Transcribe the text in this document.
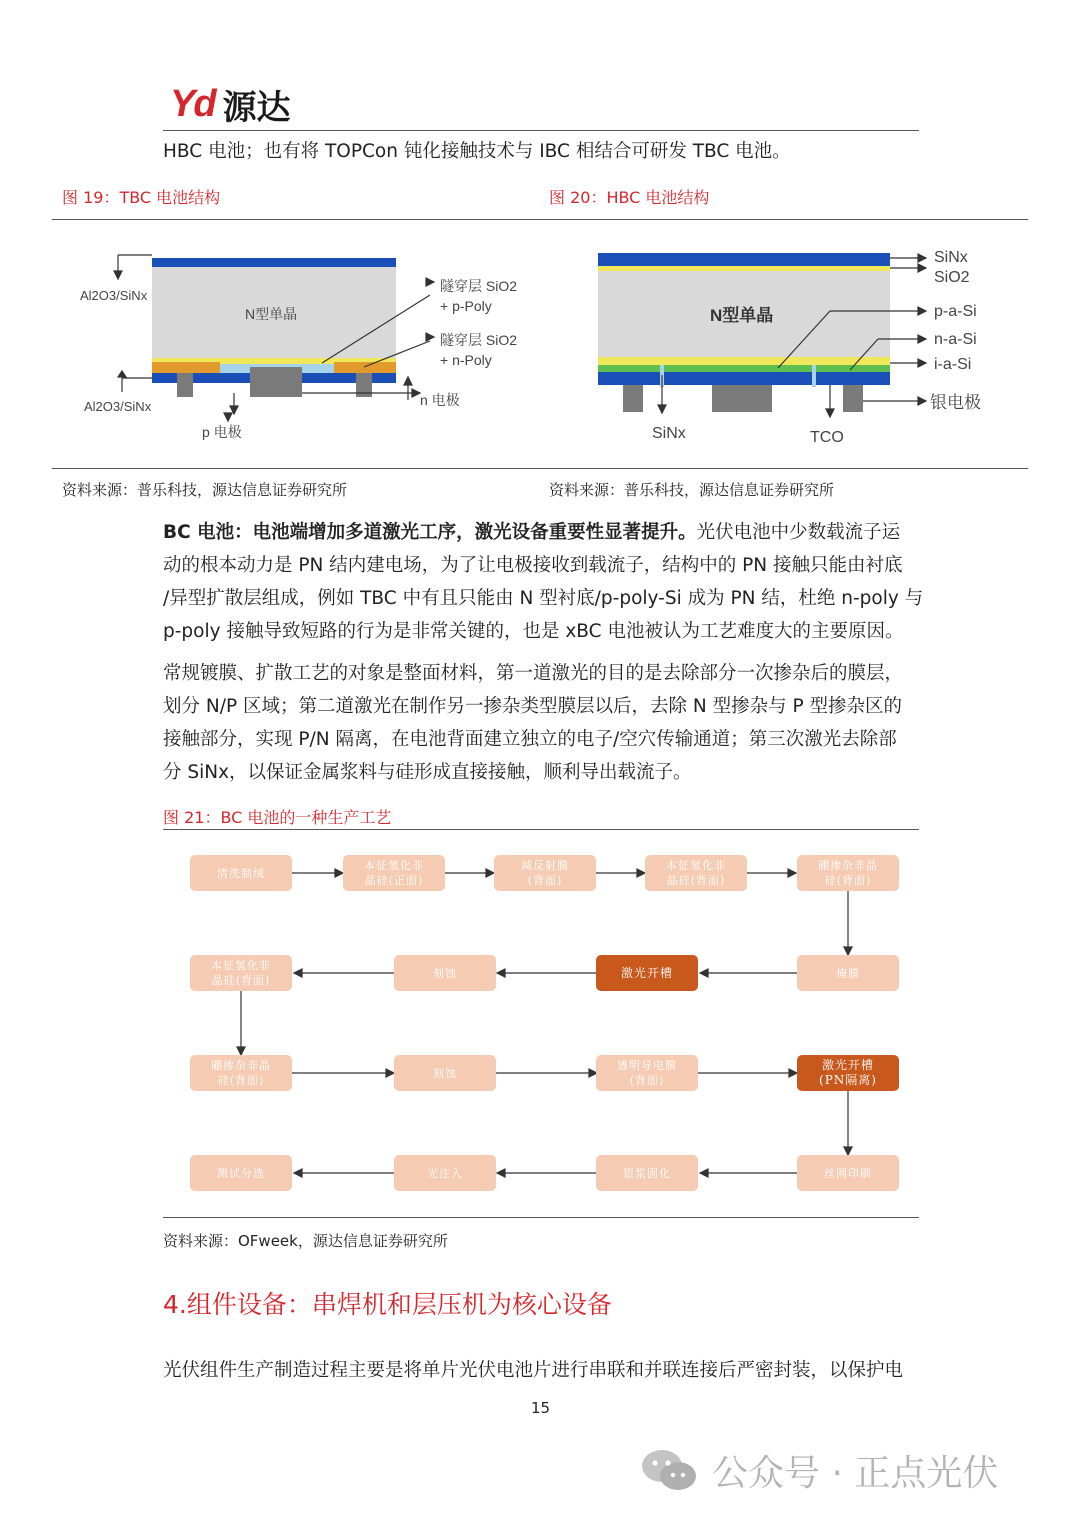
Yd 源达
HBC 电池；也有将 TOPCon 钝化接触技术与 IBC 相结合可研发 TBC 电池。
图 19：TBC 电池结构	图 20：HBC 电池结构
Al2O3/SiNx
N型单晶
隧穿层 SiO2
+ p-Poly
隧穿层 SiO2
+ n-Poly
Al2O3/SiNx	n 电极
p 电极
SiNx
SiO2
N型单晶	p-a-Si
n-a-Si
i-a-Si
银电极
SiNx	TCO
资料来源：普乐科技，源达信息证券研究所	资料来源：普乐科技，源达信息证券研究所
BC 电池：电池端增加多道激光工序，激光设备重要性显著提升。光伏电池中少数载流子运
动的根本动力是 PN 结内建电场，为了让电极接收到载流子，结构中的 PN 接触只能由衬底
/异型扩散层组成，例如 TBC 中有且只能由 N 型衬底/p-poly-Si 成为 PN 结，杜绝 n-poly 与
p-poly 接触导致短路的行为是非常关键的，也是 xBC 电池被认为工艺难度大的主要原因。
常规镀膜、扩散工艺的对象是整面材料，第一道激光的目的是去除部分一次掺杂后的膜层，
划分 N/P 区域；第二道激光在制作另一掺杂类型膜层以后，去除 N 型掺杂与 P 型掺杂区的
接触部分，实现 P/N 隔离，在电池背面建立独立的电子/空穴传输通道；第三次激光去除部
分 SiNx，以保证金属浆料与硅形成直接接触，顺利导出载流子。
图 21：BC 电池的一种生产工艺
清洗制绒
本征氢化非
晶硅(正面)
减反射膜
(背面)
本征氢化非
晶硅(背面)
硼掺杂非晶
硅(背面)
掩膜
激光开槽
刻蚀
本征氢化非
晶硅(背面)
硼掺杂非晶
硅(背面)
刻蚀
透明导电膜
(背面)
激光开槽
(PN隔离)
丝网印刷
银浆固化
光注入
测试分选
资料来源：OFweek，源达信息证券研究所
4.组件设备：串焊机和层压机为核心设备
光伏组件生产制造过程主要是将单片光伏电池片进行串联和并联连接后严密封装，以保护电
15
公众号 · 正点光伏
